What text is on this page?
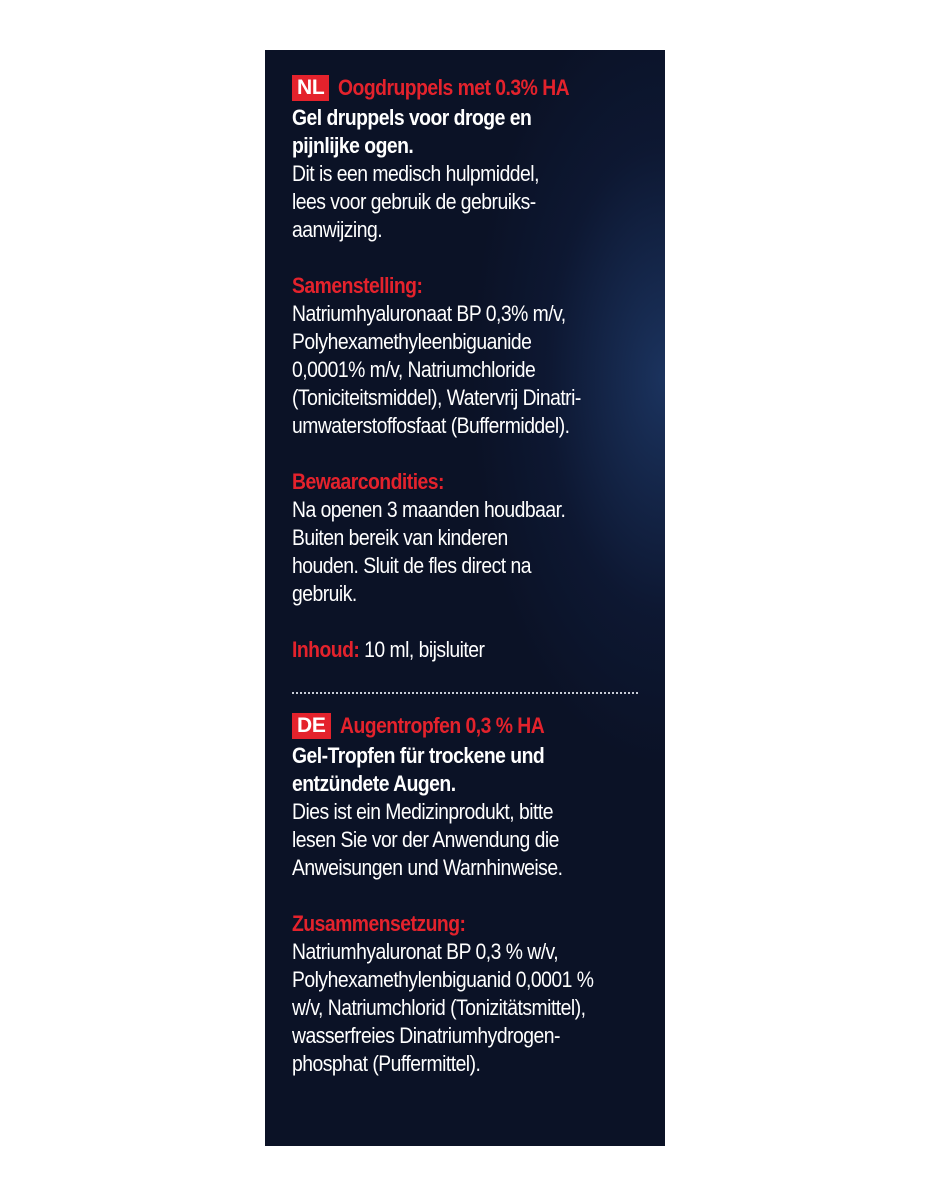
NL Oogdruppels met 0.3% HA
Gel druppels voor droge en
pijnlijke ogen.
Dit is een medisch hulpmiddel,
lees voor gebruik de gebruiks-
aanwijzing.
Samenstelling:
Natriumhyaluronaat BP 0,3% m/v,
Polyhexamethyleenbiguanide
0,0001% m/v, Natriumchloride
(Toniciteitsmiddel), Watervrij Dinatri-
umwaterstoffosfaat (Buffermiddel).
Bewaarcondities:
Na openen 3 maanden houdbaar.
Buiten bereik van kinderen
houden. Sluit de fles direct na
gebruik.
Inhoud: 10 ml, bijsluiter
DE Augentropfen 0,3 % HA
Gel-Tropfen für trockene und
entzündete Augen.
Dies ist ein Medizinprodukt, bitte
lesen Sie vor der Anwendung die
Anweisungen und Warnhinweise.
Zusammensetzung:
Natriumhyaluronat BP 0,3 % w/v,
Polyhexamethylenbiguanid 0,0001 %
w/v, Natriumchlorid (Tonizitätsmittel),
wasserfreies Dinatriumhydrogen-
phosphat (Puffermittel).
